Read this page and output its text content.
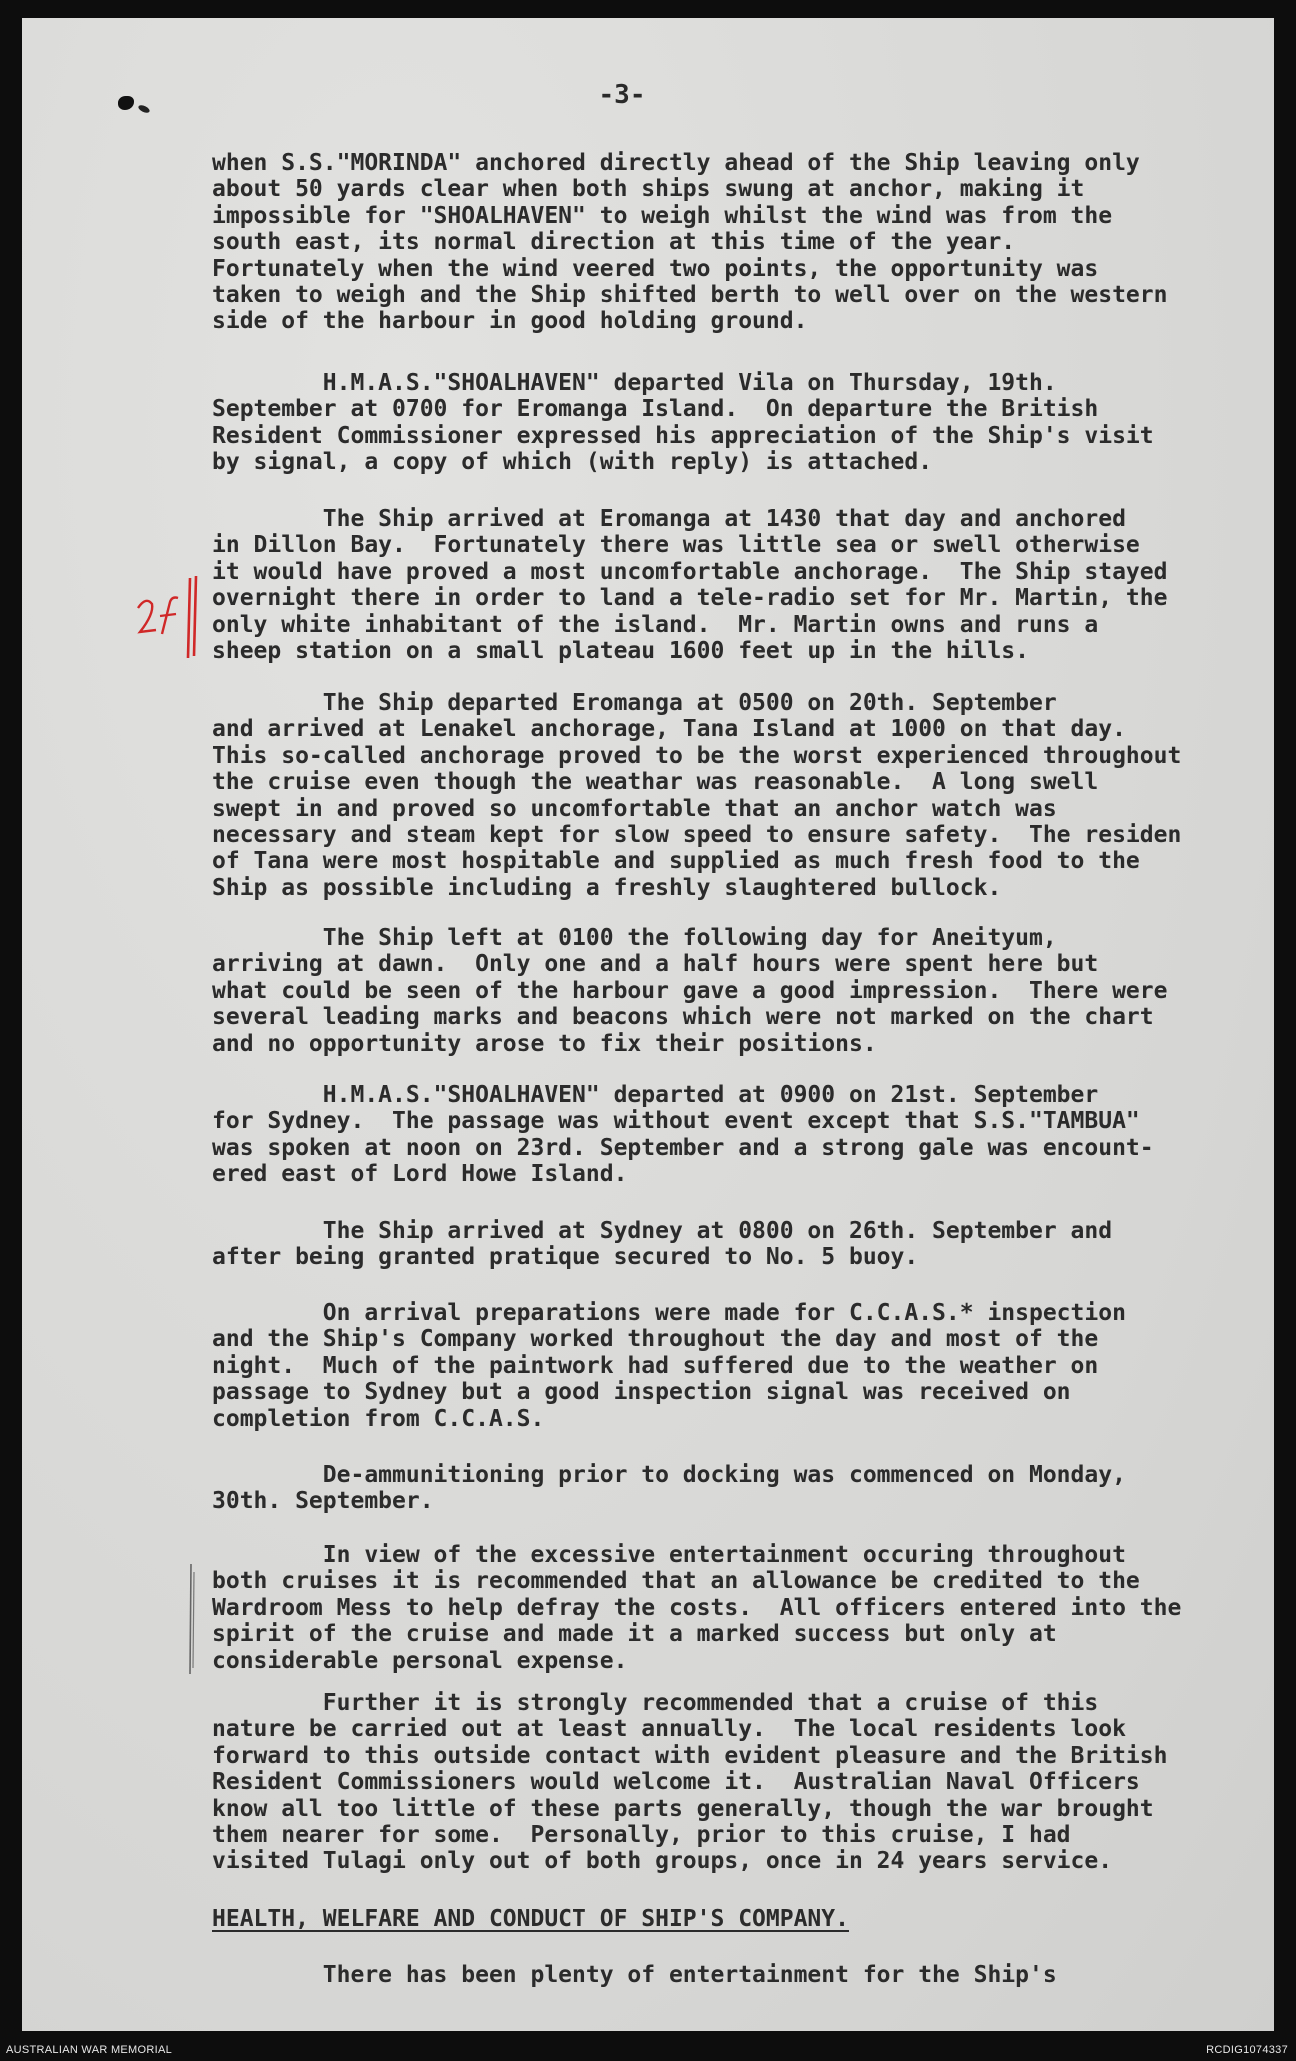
-3-
when S.S."MORINDA" anchored directly ahead of the Ship leaving only
about 50 yards clear when both ships swung at anchor, making it
impossible for "SHOALHAVEN" to weigh whilst the wind was from the
south east, its normal direction at this time of the year.
Fortunately when the wind veered two points, the opportunity was
taken to weigh and the Ship shifted berth to well over on the western
side of the harbour in good holding ground.
H.M.A.S."SHOALHAVEN" departed Vila on Thursday, 19th.
September at 0700 for Eromanga Island.  On departure the British
Resident Commissioner expressed his appreciation of the Ship's visit
by signal, a copy of which (with reply) is attached.
The Ship arrived at Eromanga at 1430 that day and anchored
in Dillon Bay.  Fortunately there was little sea or swell otherwise
it would have proved a most uncomfortable anchorage.  The Ship stayed
overnight there in order to land a tele-radio set for Mr. Martin, the
only white inhabitant of the island.  Mr. Martin owns and runs a
sheep station on a small plateau 1600 feet up in the hills.
The Ship departed Eromanga at 0500 on 20th. September
and arrived at Lenakel anchorage, Tana Island at 1000 on that day.
This so-called anchorage proved to be the worst experienced throughout
the cruise even though the weathar was reasonable.  A long swell
swept in and proved so uncomfortable that an anchor watch was
necessary and steam kept for slow speed to ensure safety.  The residen
of Tana were most hospitable and supplied as much fresh food to the
Ship as possible including a freshly slaughtered bullock.
The Ship left at 0100 the following day for Aneityum,
arriving at dawn.  Only one and a half hours were spent here but
what could be seen of the harbour gave a good impression.  There were
several leading marks and beacons which were not marked on the chart
and no opportunity arose to fix their positions.
H.M.A.S."SHOALHAVEN" departed at 0900 on 21st. September
for Sydney.  The passage was without event except that S.S."TAMBUA"
was spoken at noon on 23rd. September and a strong gale was encount-
ered east of Lord Howe Island.
The Ship arrived at Sydney at 0800 on 26th. September and
after being granted pratique secured to No. 5 buoy.
On arrival preparations were made for C.C.A.S.* inspection
and the Ship's Company worked throughout the day and most of the
night.  Much of the paintwork had suffered due to the weather on
passage to Sydney but a good inspection signal was received on
completion from C.C.A.S.
De-ammunitioning prior to docking was commenced on Monday,
30th. September.
In view of the excessive entertainment occuring throughout
both cruises it is recommended that an allowance be credited to the
Wardroom Mess to help defray the costs.  All officers entered into the
spirit of the cruise and made it a marked success but only at
considerable personal expense.
Further it is strongly recommended that a cruise of this
nature be carried out at least annually.  The local residents look
forward to this outside contact with evident pleasure and the British
Resident Commissioners would welcome it.  Australian Naval Officers
know all too little of these parts generally, though the war brought
them nearer for some.  Personally, prior to this cruise, I had
visited Tulagi only out of both groups, once in 24 years service.
HEALTH, WELFARE AND CONDUCT OF SHIP'S COMPANY.
There has been plenty of entertainment for the Ship's
AUSTRALIAN WAR MEMORIAL	RCDIG1074337
